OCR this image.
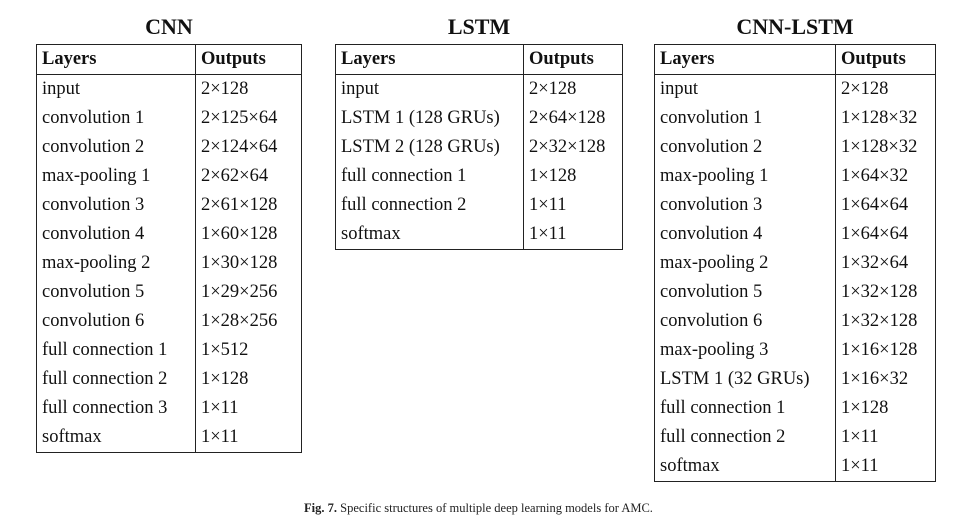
CNN
Layers	Outputs
input	2×128
convolution 1	2×125×64
convolution 2	2×124×64
max-pooling 1	2×62×64
convolution 3	2×61×128
convolution 4	1×60×128
max-pooling 2	1×30×128
convolution 5	1×29×256
convolution 6	1×28×256
full connection 1	1×512
full connection 2	1×128
full connection 3	1×11
softmax	1×11
LSTM
Layers	Outputs
input	2×128
LSTM 1 (128 GRUs)	2×64×128
LSTM 2 (128 GRUs)	2×32×128
full connection 1	1×128
full connection 2	1×11
softmax	1×11
CNN-LSTM
Layers	Outputs
input	2×128
convolution 1	1×128×32
convolution 2	1×128×32
max-pooling 1	1×64×32
convolution 3	1×64×64
convolution 4	1×64×64
max-pooling 2	1×32×64
convolution 5	1×32×128
convolution 6	1×32×128
max-pooling 3	1×16×128
LSTM 1 (32 GRUs)	1×16×32
full connection 1	1×128
full connection 2	1×11
softmax	1×11
Fig. 7. Specific structures of multiple deep learning models for AMC.
